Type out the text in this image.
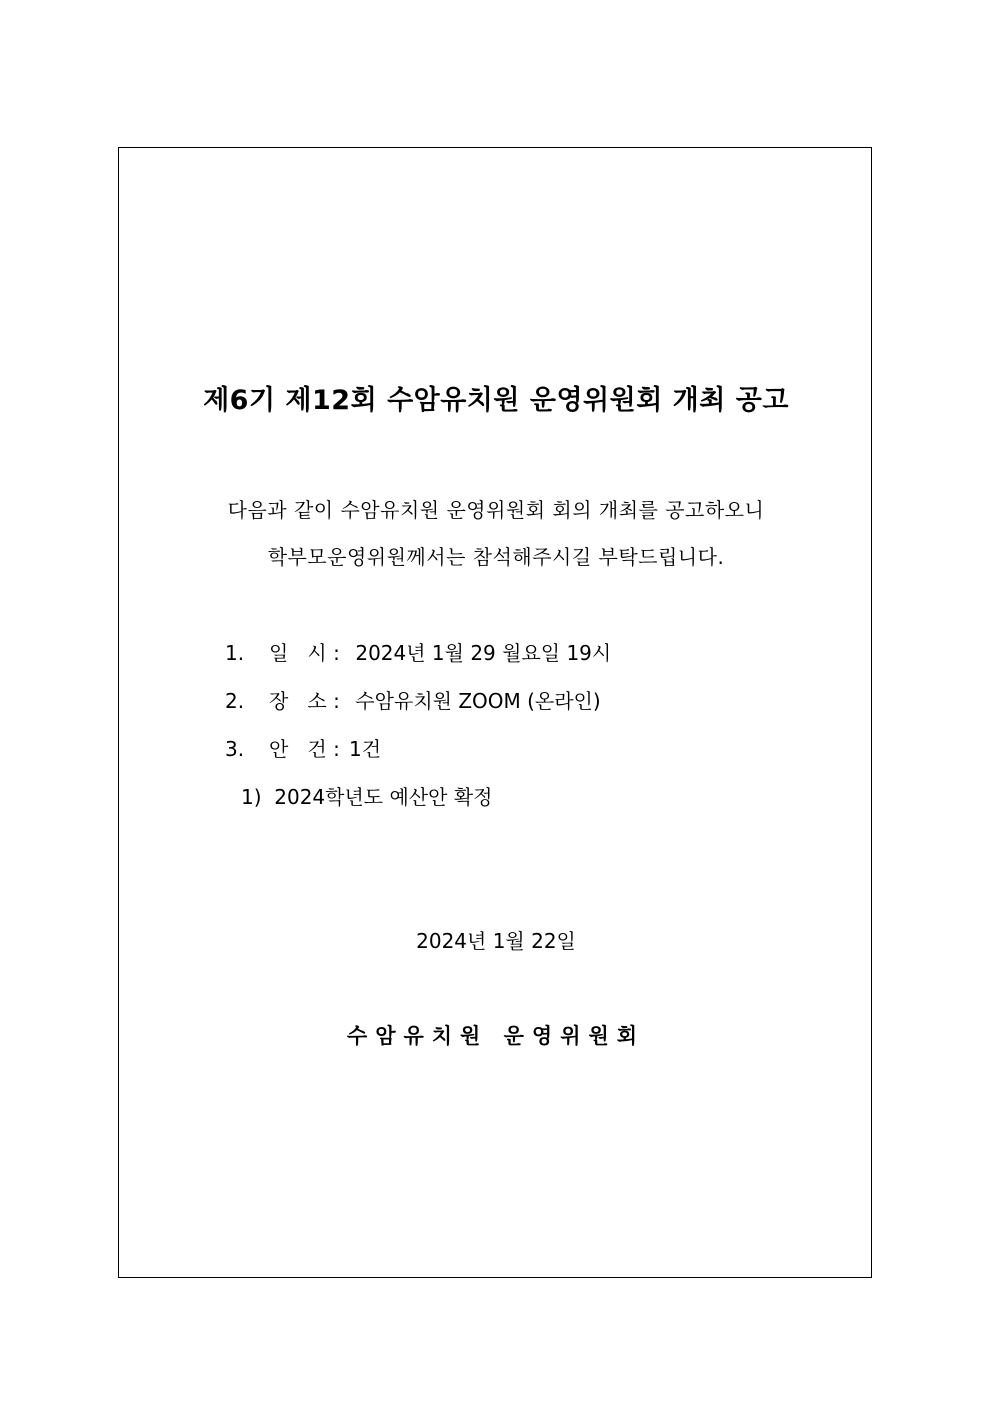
제6기 제12회 수암유치원 운영위원회 개최 공고
다음과 같이 수암유치원 운영위원회 회의 개최를 공고하오니
학부모운영위원께서는 참석해주시길 부탁드립니다.
1. 일   시 : 2024년 1월 29 월요일 19시
2. 장   소 : 수암유치원 ZOOM (온라인)
3. 안   건 : 1건
1)  2024학년도 예산안 확정
2024년 1월 22일
수암유치원 운영위원회
